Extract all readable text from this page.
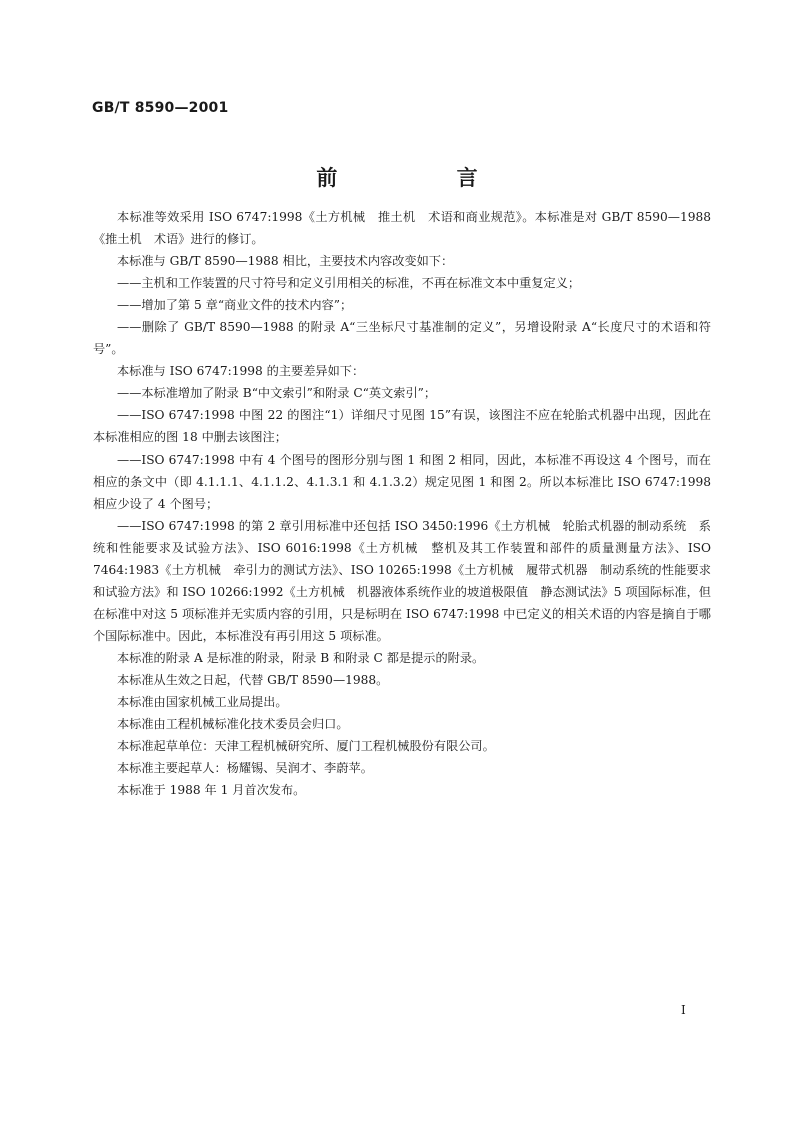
GB/T 8590—2001
前 言

本标准等效采用 ISO 6747:1998《土方机械　推土机　术语和商业规范》。本标准是对 GB/T 8590—1988《推土机　术语》进行的修订。

本标准与 GB/T 8590—1988 相比，主要技术内容改变如下：

——主机和工作装置的尺寸符号和定义引用相关的标准，不再在标准文本中重复定义；

——增加了第 5 章“商业文件的技术内容”；

——删除了 GB/T 8590—1988 的附录 A“三坐标尺寸基准制的定义”，另增设附录 A“长度尺寸的术语和符号”。

本标准与 ISO 6747:1998 的主要差异如下：

——本标准增加了附录 B“中文索引”和附录 C“英文索引”；

——ISO 6747:1998 中图 22 的图注“1）详细尺寸见图 15”有误，该图注不应在轮胎式机器中出现，因此在本标准相应的图 18 中删去该图注；

——ISO 6747:1998 中有 4 个图号的图形分别与图 1 和图 2 相同，因此，本标准不再设这 4 个图号，而在相应的条文中（即 4.1.1.1、4.1.1.2、4.1.3.1 和 4.1.3.2）规定见图 1 和图 2。所以本标准比 ISO 6747:1998 相应少设了 4 个图号；

——ISO 6747:1998 的第 2 章引用标准中还包括 ISO 3450:1996《土方机械　轮胎式机器的制动系统　系统和性能要求及试验方法》、ISO 6016:1998《土方机械　整机及其工作装置和部件的质量测量方法》、ISO 7464:1983《土方机械　牵引力的测试方法》、ISO 10265:1998《土方机械　履带式机器　制动系统的性能要求和试验方法》和 ISO 10266:1992《土方机械　机器液体系统作业的坡道极限值　静态测试法》5 项国际标准，但在标准中对这 5 项标准并无实质内容的引用，只是标明在 ISO 6747:1998 中已定义的相关术语的内容是摘自于哪个国际标准中。因此，本标准没有再引用这 5 项标准。

本标准的附录 A 是标准的附录，附录 B 和附录 C 都是提示的附录。

本标准从生效之日起，代替 GB/T 8590—1988。

本标准由国家机械工业局提出。

本标准由工程机械标准化技术委员会归口。

本标准起草单位：天津工程机械研究所、厦门工程机械股份有限公司。

本标准主要起草人：杨耀锡、吴润才、李蔚苹。

本标准于 1988 年 1 月首次发布。

I
